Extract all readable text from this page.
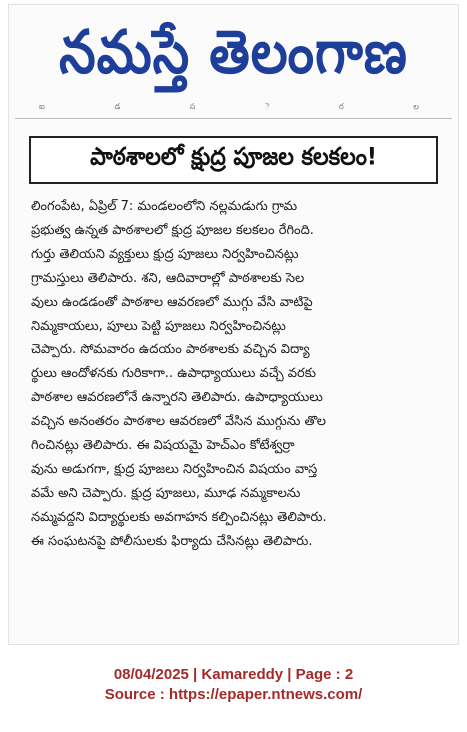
నమస్తే తెలంగాణ
ఐ	డ	స	ె	ర	ల
పాఠశాలలో క్షుద్ర పూజల కలకలం!
లింగంపేట, ఏప్రిల్ 7: మండలంలోని నల్లమడుగు గ్రామ
ప్రభుత్వ ఉన్నత పాఠశాలలో క్షుద్ర పూజల కలకలం రేగింది.
గుర్తు తెలియని వ్యక్తులు క్షుద్ర పూజలు నిర్వహించినట్లు
గ్రామస్తులు తెలిపారు. శని, ఆదివారాల్లో పాఠశాలకు సెల
వులు ఉండడంతో పాఠశాల ఆవరణలో ముగ్గు వేసి వాటిపై
నిమ్మకాయలు, పూలు పెట్టి పూజలు నిర్వహించినట్లు
చెప్పారు. సోమవారం ఉదయం పాఠశాలకు వచ్చిన విద్యా
ర్థులు ఆందోళనకు గురికాగా.. ఉపాధ్యాయులు వచ్చే వరకు
పాఠశాల ఆవరణలోనే ఉన్నారని తెలిపారు. ఉపాధ్యాయులు
వచ్చిన అనంతరం పాఠశాల ఆవరణలో వేసిన ముగ్గును తొల
గించినట్లు తెలిపారు. ఈ విషయమై హెచ్ఎం కోటేశ్వర్రా
వును అడుగగా, క్షుద్ర పూజలు నిర్వహించిన విషయం వాస్త
వమే అని చెప్పారు. క్షుద్ర పూజలు, మూఢ నమ్మకాలను
నమ్మవద్దని విద్యార్థులకు అవగాహన కల్పించినట్లు తెలిపారు.
ఈ సంఘటనపై పోలీసులకు ఫిర్యాదు చేసినట్లు తెలిపారు.
08/04/2025 | Kamareddy | Page : 2
Source : https://epaper.ntnews.com/
